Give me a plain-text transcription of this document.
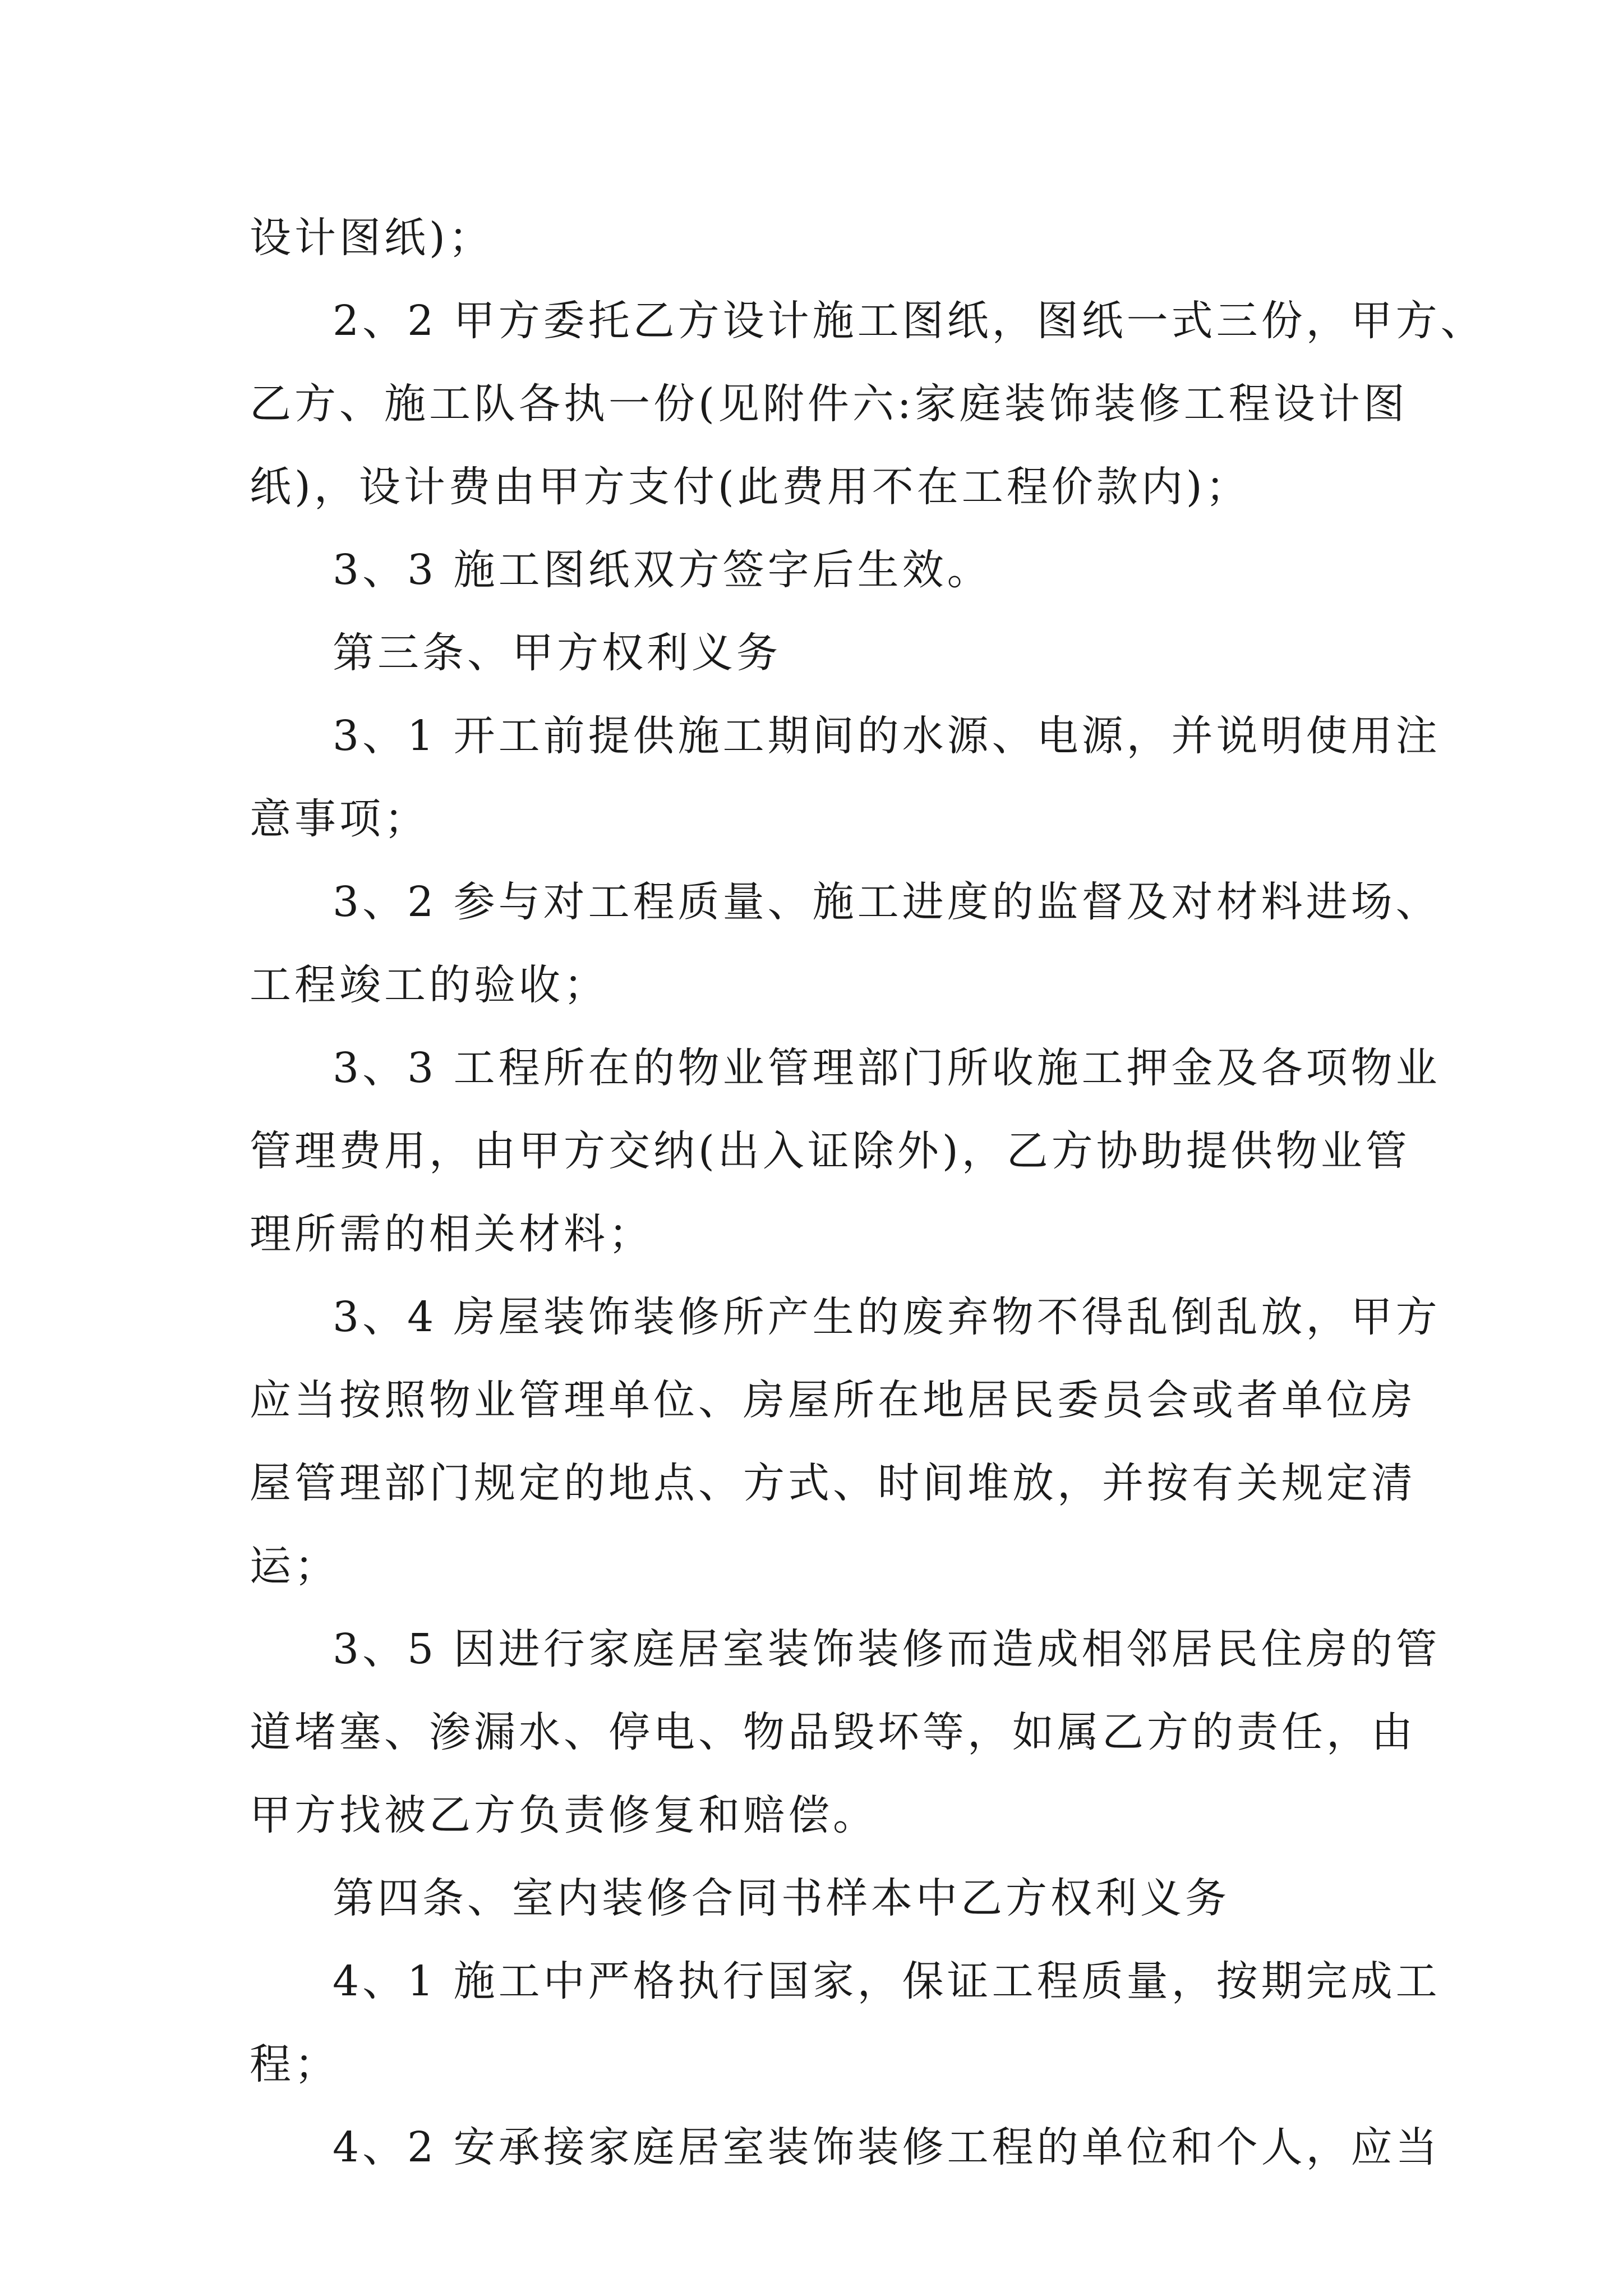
设计图纸)；
2、2 甲方委托乙方设计施工图纸，图纸一式三份，甲方、
乙方、施工队各执一份(见附件六:家庭装饰装修工程设计图
纸)，设计费由甲方支付(此费用不在工程价款内)；
3、3 施工图纸双方签字后生效。
第三条、甲方权利义务
3、1 开工前提供施工期间的水源、电源，并说明使用注
意事项；
3、2 参与对工程质量、施工进度的监督及对材料进场、
工程竣工的验收；
3、3 工程所在的物业管理部门所收施工押金及各项物业
管理费用，由甲方交纳(出入证除外)，乙方协助提供物业管
理所需的相关材料；
3、4 房屋装饰装修所产生的废弃物不得乱倒乱放，甲方
应当按照物业管理单位、房屋所在地居民委员会或者单位房
屋管理部门规定的地点、方式、时间堆放，并按有关规定清
运；
3、5 因进行家庭居室装饰装修而造成相邻居民住房的管
道堵塞、渗漏水、停电、物品毁坏等，如属乙方的责任，由
甲方找被乙方负责修复和赔偿。
第四条、室内装修合同书样本中乙方权利义务
4、1 施工中严格执行国家，保证工程质量，按期完成工
程；
4、2 安承接家庭居室装饰装修工程的单位和个人，应当
